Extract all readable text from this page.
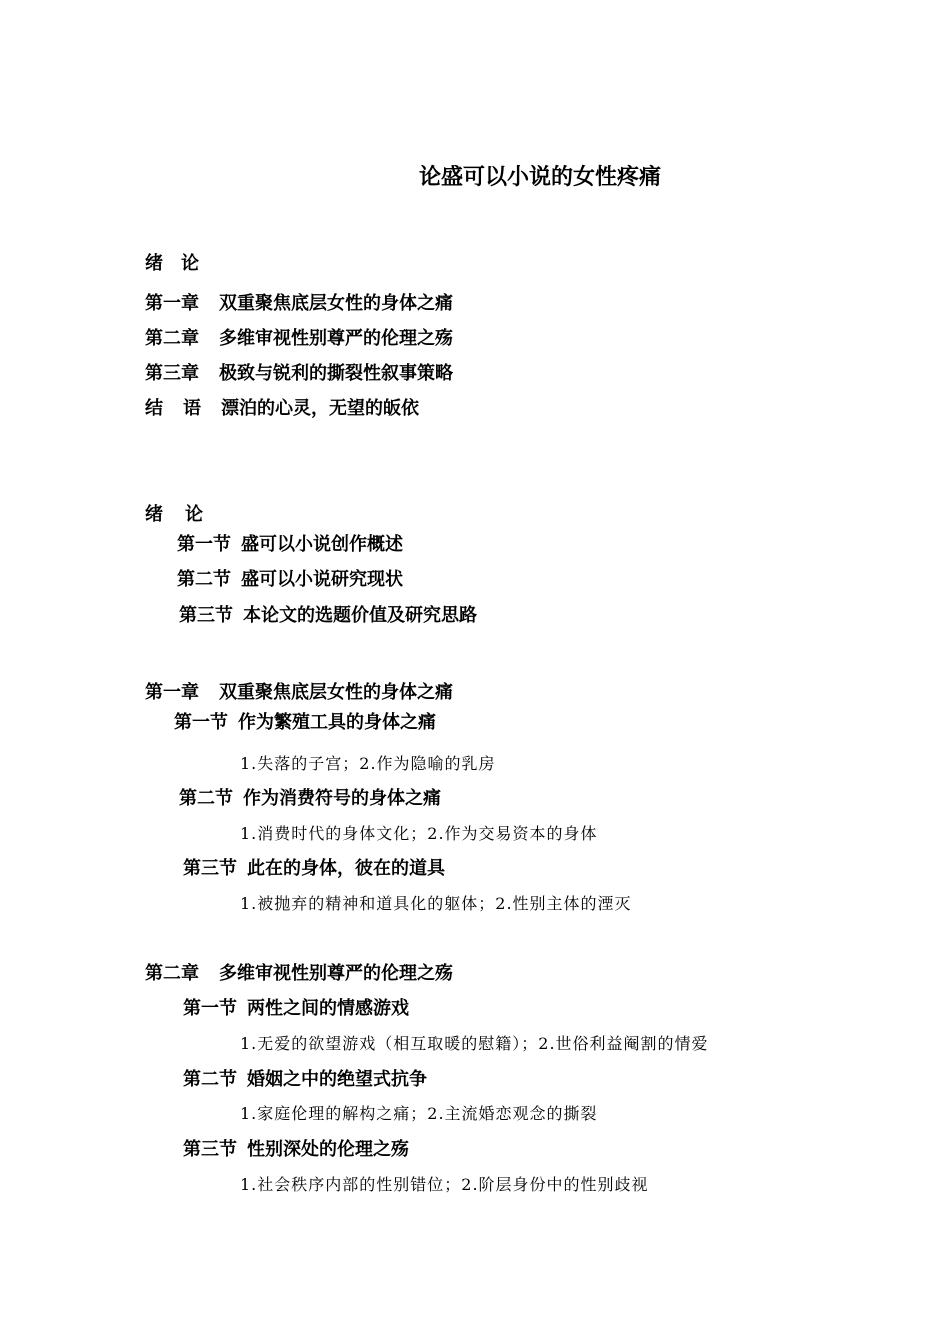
论盛可以小说的女性疼痛
绪 论
第一章 双重聚焦底层女性的身体之痛
第二章 多维审视性别尊严的伦理之殇
第三章 极致与锐利的撕裂性叙事策略
结 语 漂泊的心灵，无望的皈依
绪 论
第一节 盛可以小说创作概述
第二节 盛可以小说研究现状
第三节 本论文的选题价值及研究思路
第一章 双重聚焦底层女性的身体之痛
第一节 作为繁殖工具的身体之痛
1.失落的子宫；2.作为隐喻的乳房
第二节 作为消费符号的身体之痛
1.消费时代的身体文化；2.作为交易资本的身体
第三节 此在的身体，彼在的道具
1.被抛弃的精神和道具化的躯体；2.性别主体的湮灭
第二章 多维审视性别尊严的伦理之殇
第一节 两性之间的情感游戏
1.无爱的欲望游戏（相互取暖的慰籍）；2.世俗利益阉割的情爱
第二节 婚姻之中的绝望式抗争
1.家庭伦理的解构之痛；2.主流婚恋观念的撕裂
第三节 性别深处的伦理之殇
1.社会秩序内部的性别错位；2.阶层身份中的性别歧视
